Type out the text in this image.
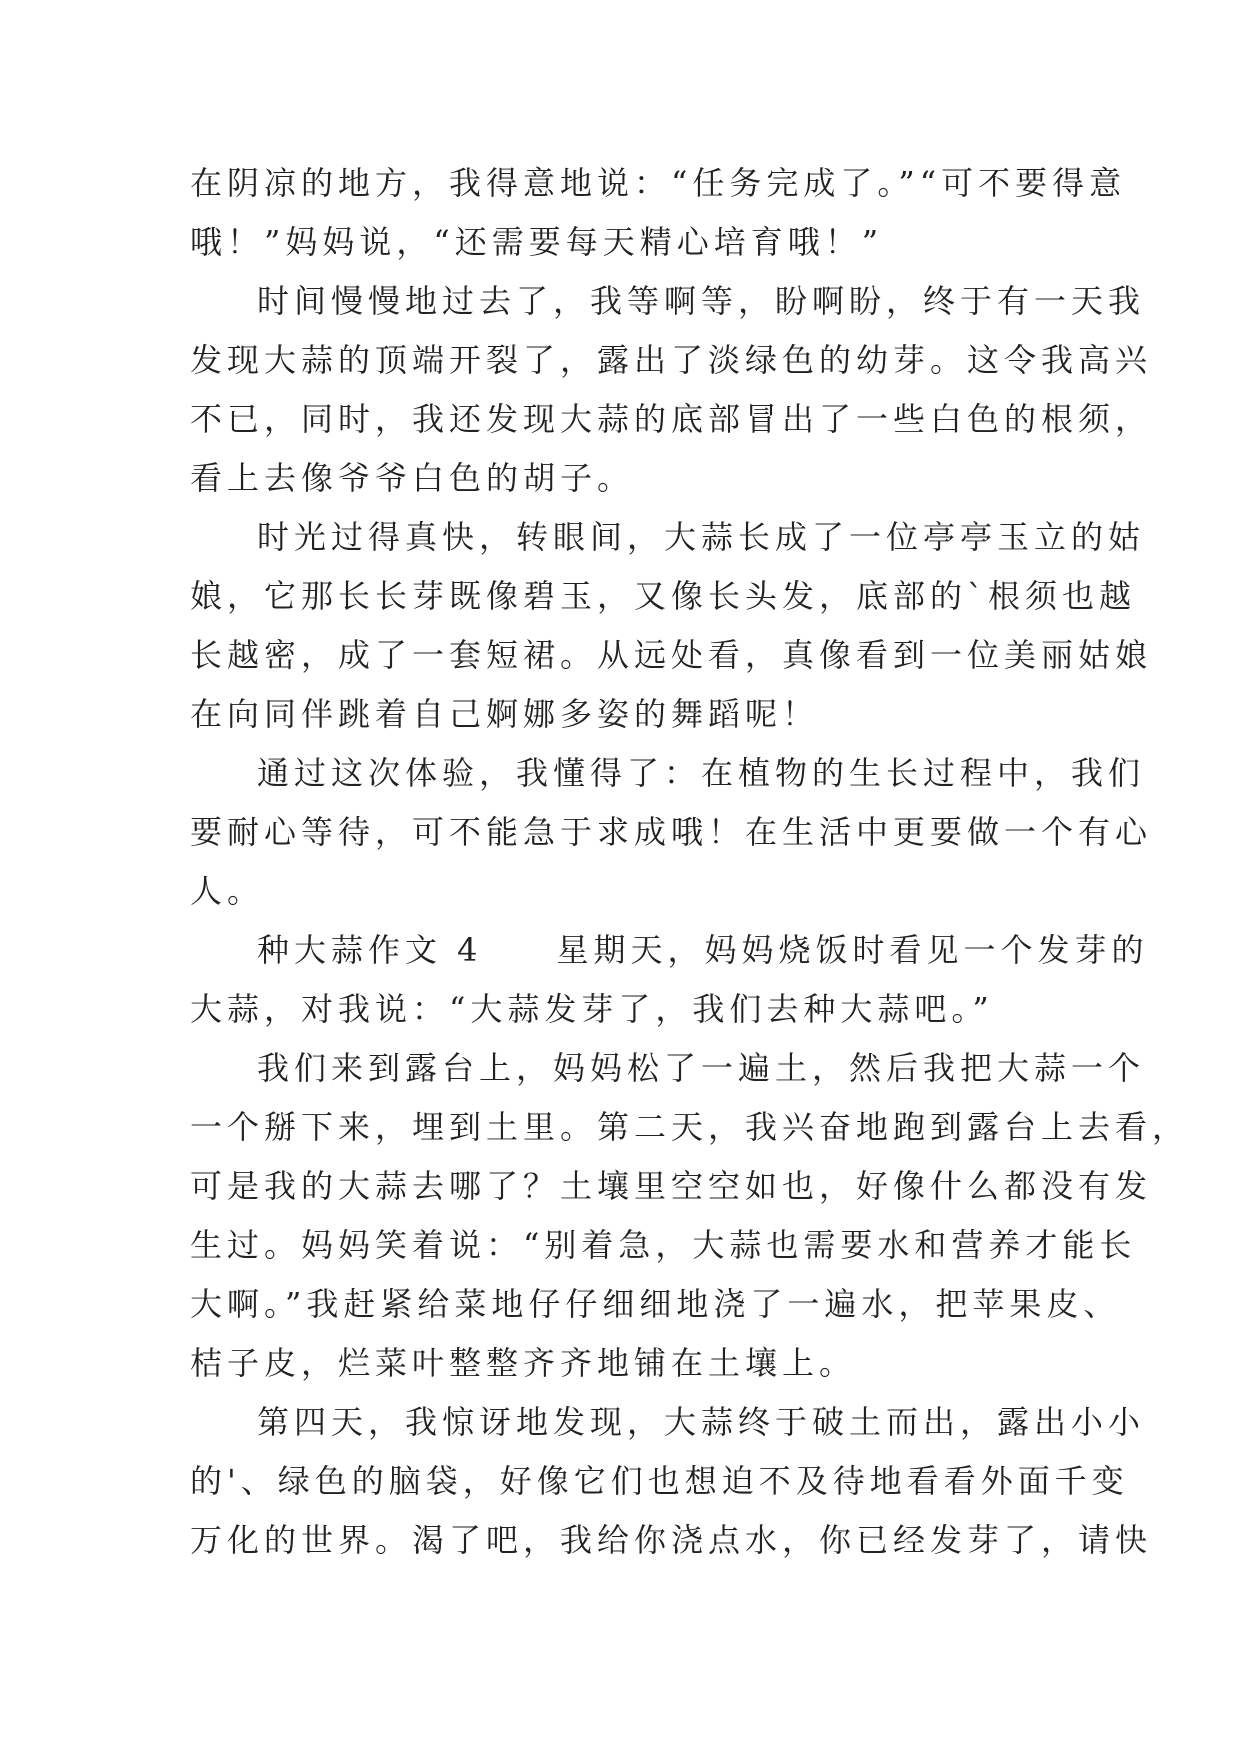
在阴凉的地方，我得意地说：“任务完成了。”“可不要得意
哦！”妈妈说，“还需要每天精心培育哦！”
时间慢慢地过去了，我等啊等，盼啊盼，终于有一天我
发现大蒜的顶端开裂了，露出了淡绿色的幼芽。这令我高兴
不已，同时，我还发现大蒜的底部冒出了一些白色的根须，
看上去像爷爷白色的胡子。
时光过得真快，转眼间，大蒜长成了一位亭亭玉立的姑
娘，它那长长芽既像碧玉，又像长头发，底部的`根须也越
长越密，成了一套短裙。从远处看，真像看到一位美丽姑娘
在向同伴跳着自己婀娜多姿的舞蹈呢！
通过这次体验，我懂得了：在植物的生长过程中，我们
要耐心等待，可不能急于求成哦！在生活中更要做一个有心
人。
种大蒜作文 4　　星期天，妈妈烧饭时看见一个发芽的
大蒜，对我说：“大蒜发芽了，我们去种大蒜吧。”
我们来到露台上，妈妈松了一遍土，然后我把大蒜一个
一个掰下来，埋到土里。第二天，我兴奋地跑到露台上去看，
可是我的大蒜去哪了？土壤里空空如也，好像什么都没有发
生过。妈妈笑着说：“别着急，大蒜也需要水和营养才能长
大啊。”我赶紧给菜地仔仔细细地浇了一遍水，把苹果皮、
桔子皮，烂菜叶整整齐齐地铺在土壤上。
第四天，我惊讶地发现，大蒜终于破土而出，露出小小
的'、绿色的脑袋，好像它们也想迫不及待地看看外面千变
万化的世界。渴了吧，我给你浇点水，你已经发芽了，请快
